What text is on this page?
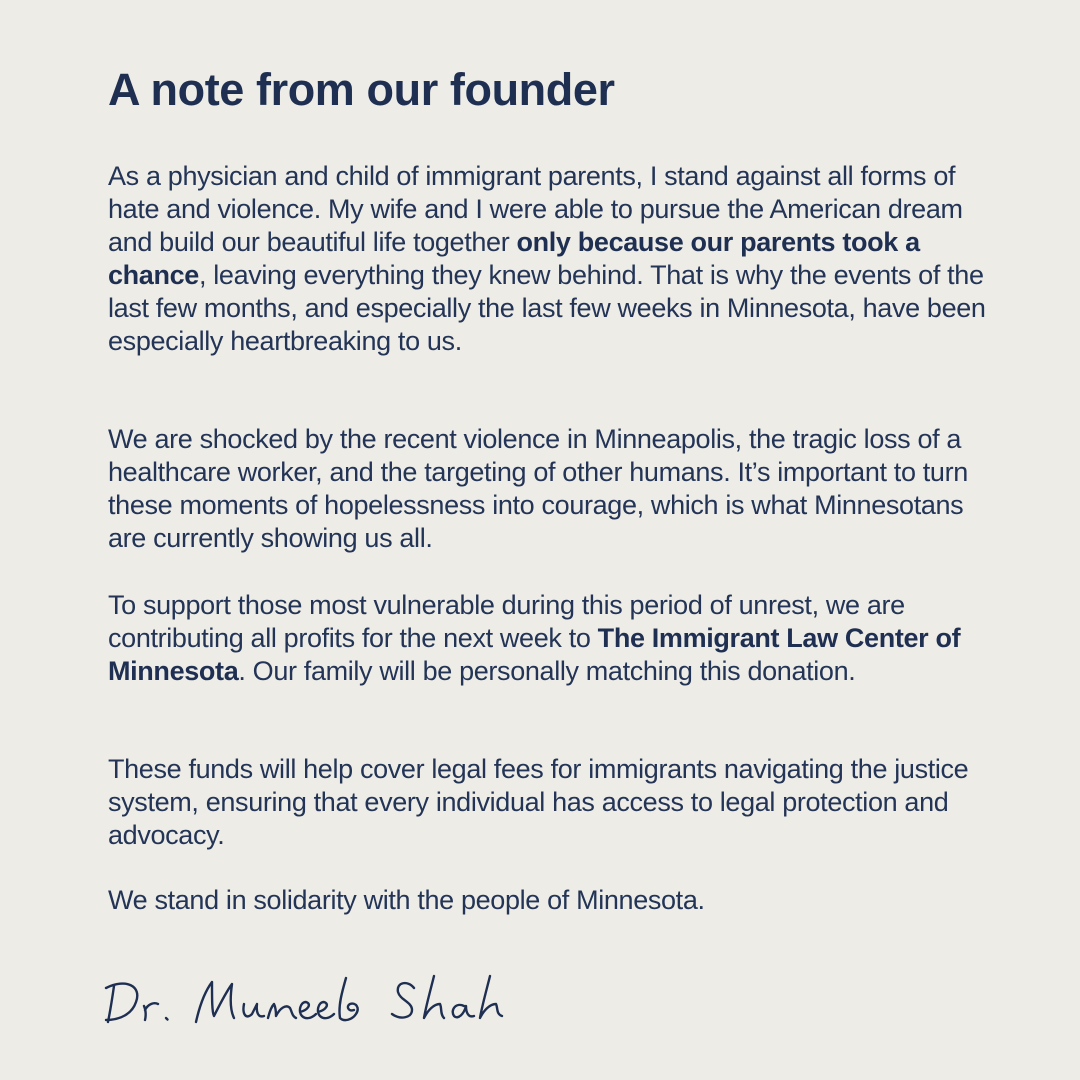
A note from our founder

As a physician and child of immigrant parents, I stand against all forms of hate and violence. My wife and I were able to pursue the American dream and build our beautiful life together only because our parents took a chance, leaving everything they knew behind. That is why the events of the last few months, and especially the last few weeks in Minnesota, have been especially heartbreaking to us.

We are shocked by the recent violence in Minneapolis, the tragic loss of a healthcare worker, and the targeting of other humans. It’s important to turn these moments of hopelessness into courage, which is what Minnesotans are currently showing us all.

To support those most vulnerable during this period of unrest, we are contributing all profits for the next week to The Immigrant Law Center of Minnesota. Our family will be personally matching this donation.

These funds will help cover legal fees for immigrants navigating the justice system, ensuring that every individual has access to legal protection and advocacy.

We stand in solidarity with the people of Minnesota.
